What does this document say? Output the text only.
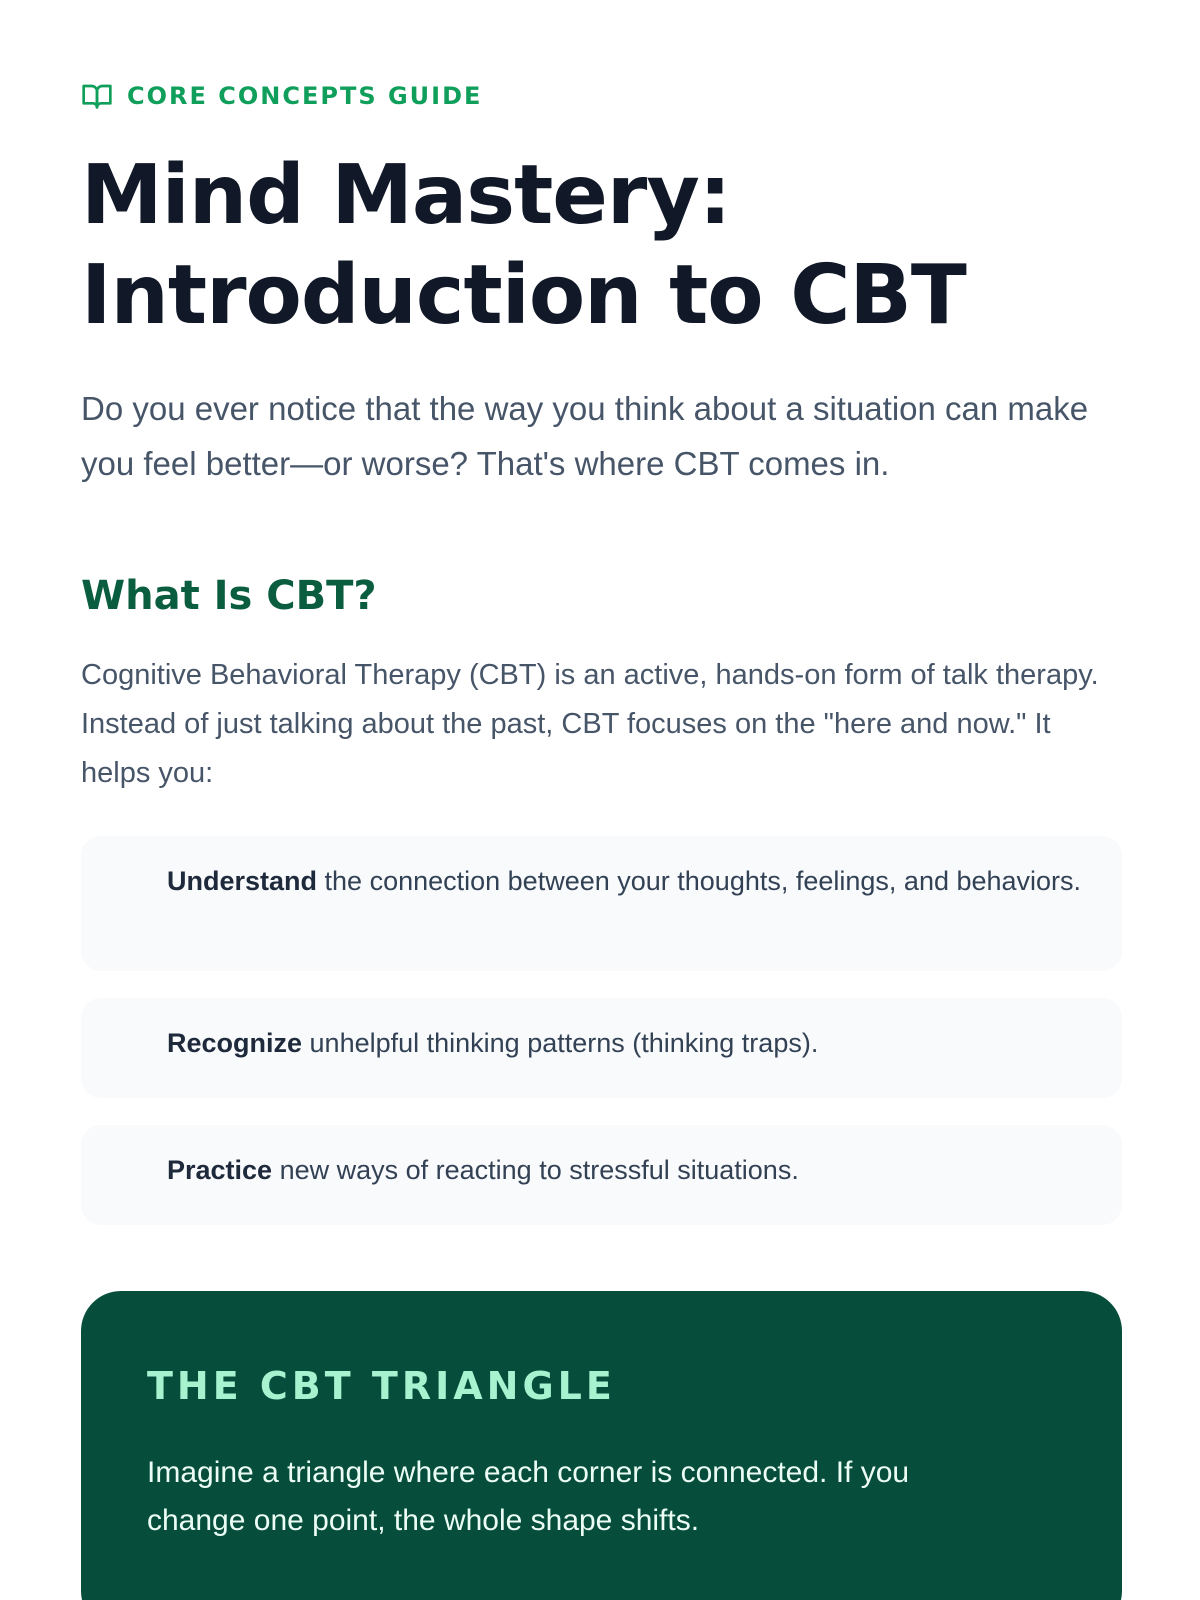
CORE CONCEPTS GUIDE
Mind Mastery:
Introduction to CBT

Do you ever notice that the way you think about a situation can make you feel better—or worse? That's where CBT comes in.

What Is CBT?

Cognitive Behavioral Therapy (CBT) is an active, hands-on form of talk therapy. Instead of just talking about the past, CBT focuses on the "here and now." It helps you:

Understand the connection between your thoughts, feelings, and behaviors.
Recognize unhelpful thinking patterns (thinking traps).
Practice new ways of reacting to stressful situations.
THE CBT TRIANGLE

Imagine a triangle where each corner is connected. If you change one point, the whole shape shifts.
